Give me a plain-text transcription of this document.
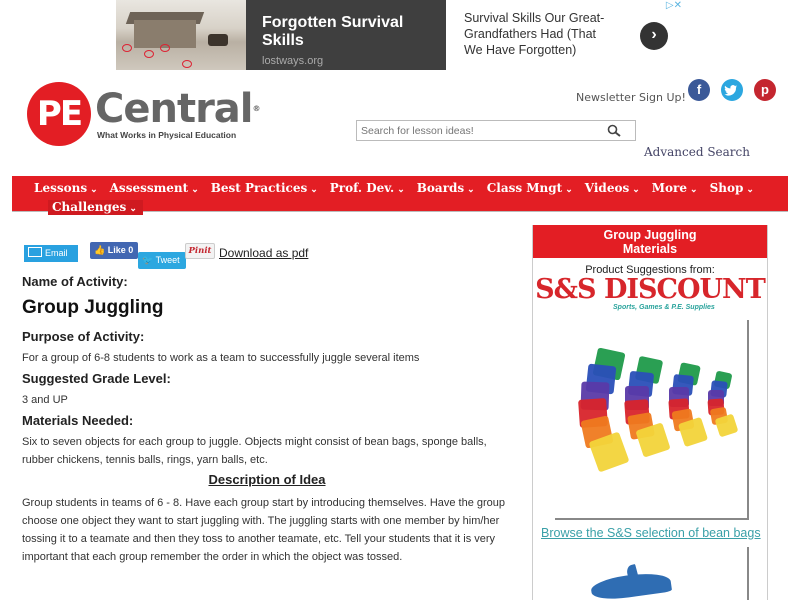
Forgotten Survival Skills
lostways.org
Survival Skills Our Great-Grandfathers Had (That We Have Forgotten)
›
▷✕
PE Central®
What Works in Physical Education
Newsletter Sign Up!
f	p
Search for lesson ideas!
Advanced Search
Lessons ⌄ Assessment ⌄ Best Practices ⌄ Prof. Dev. ⌄ Boards ⌄ Class Mngt ⌄ Videos ⌄ More ⌄ Shop ⌄
Challenges ⌄
Email	👍 Like 0
🐦 Tweet
Pinit Download as pdf
Name of Activity:
Group Juggling
Purpose of Activity:
For a group of 6-8 students to work as a team to successfully juggle several items
Suggested Grade Level:
3 and UP
Materials Needed:
Six to seven objects for each group to juggle. Objects might consist of bean bags, sponge balls, rubber chickens, tennis balls, rings, yarn balls, etc.
Description of Idea
Group students in teams of 6 - 8. Have each group start by introducing themselves. Have the group choose one object they want to start juggling with. The juggling starts with one member by him/her tossing it to a teamate and then they toss to another teamate, etc. Tell your students that it is very important that each group remember the order in which the object was tossed.
Group Juggling
Materials
Product Suggestions from:
S&S DISCOUNT
Sports, Games & P.E. Supplies
Browse the S&S selection of bean bags
